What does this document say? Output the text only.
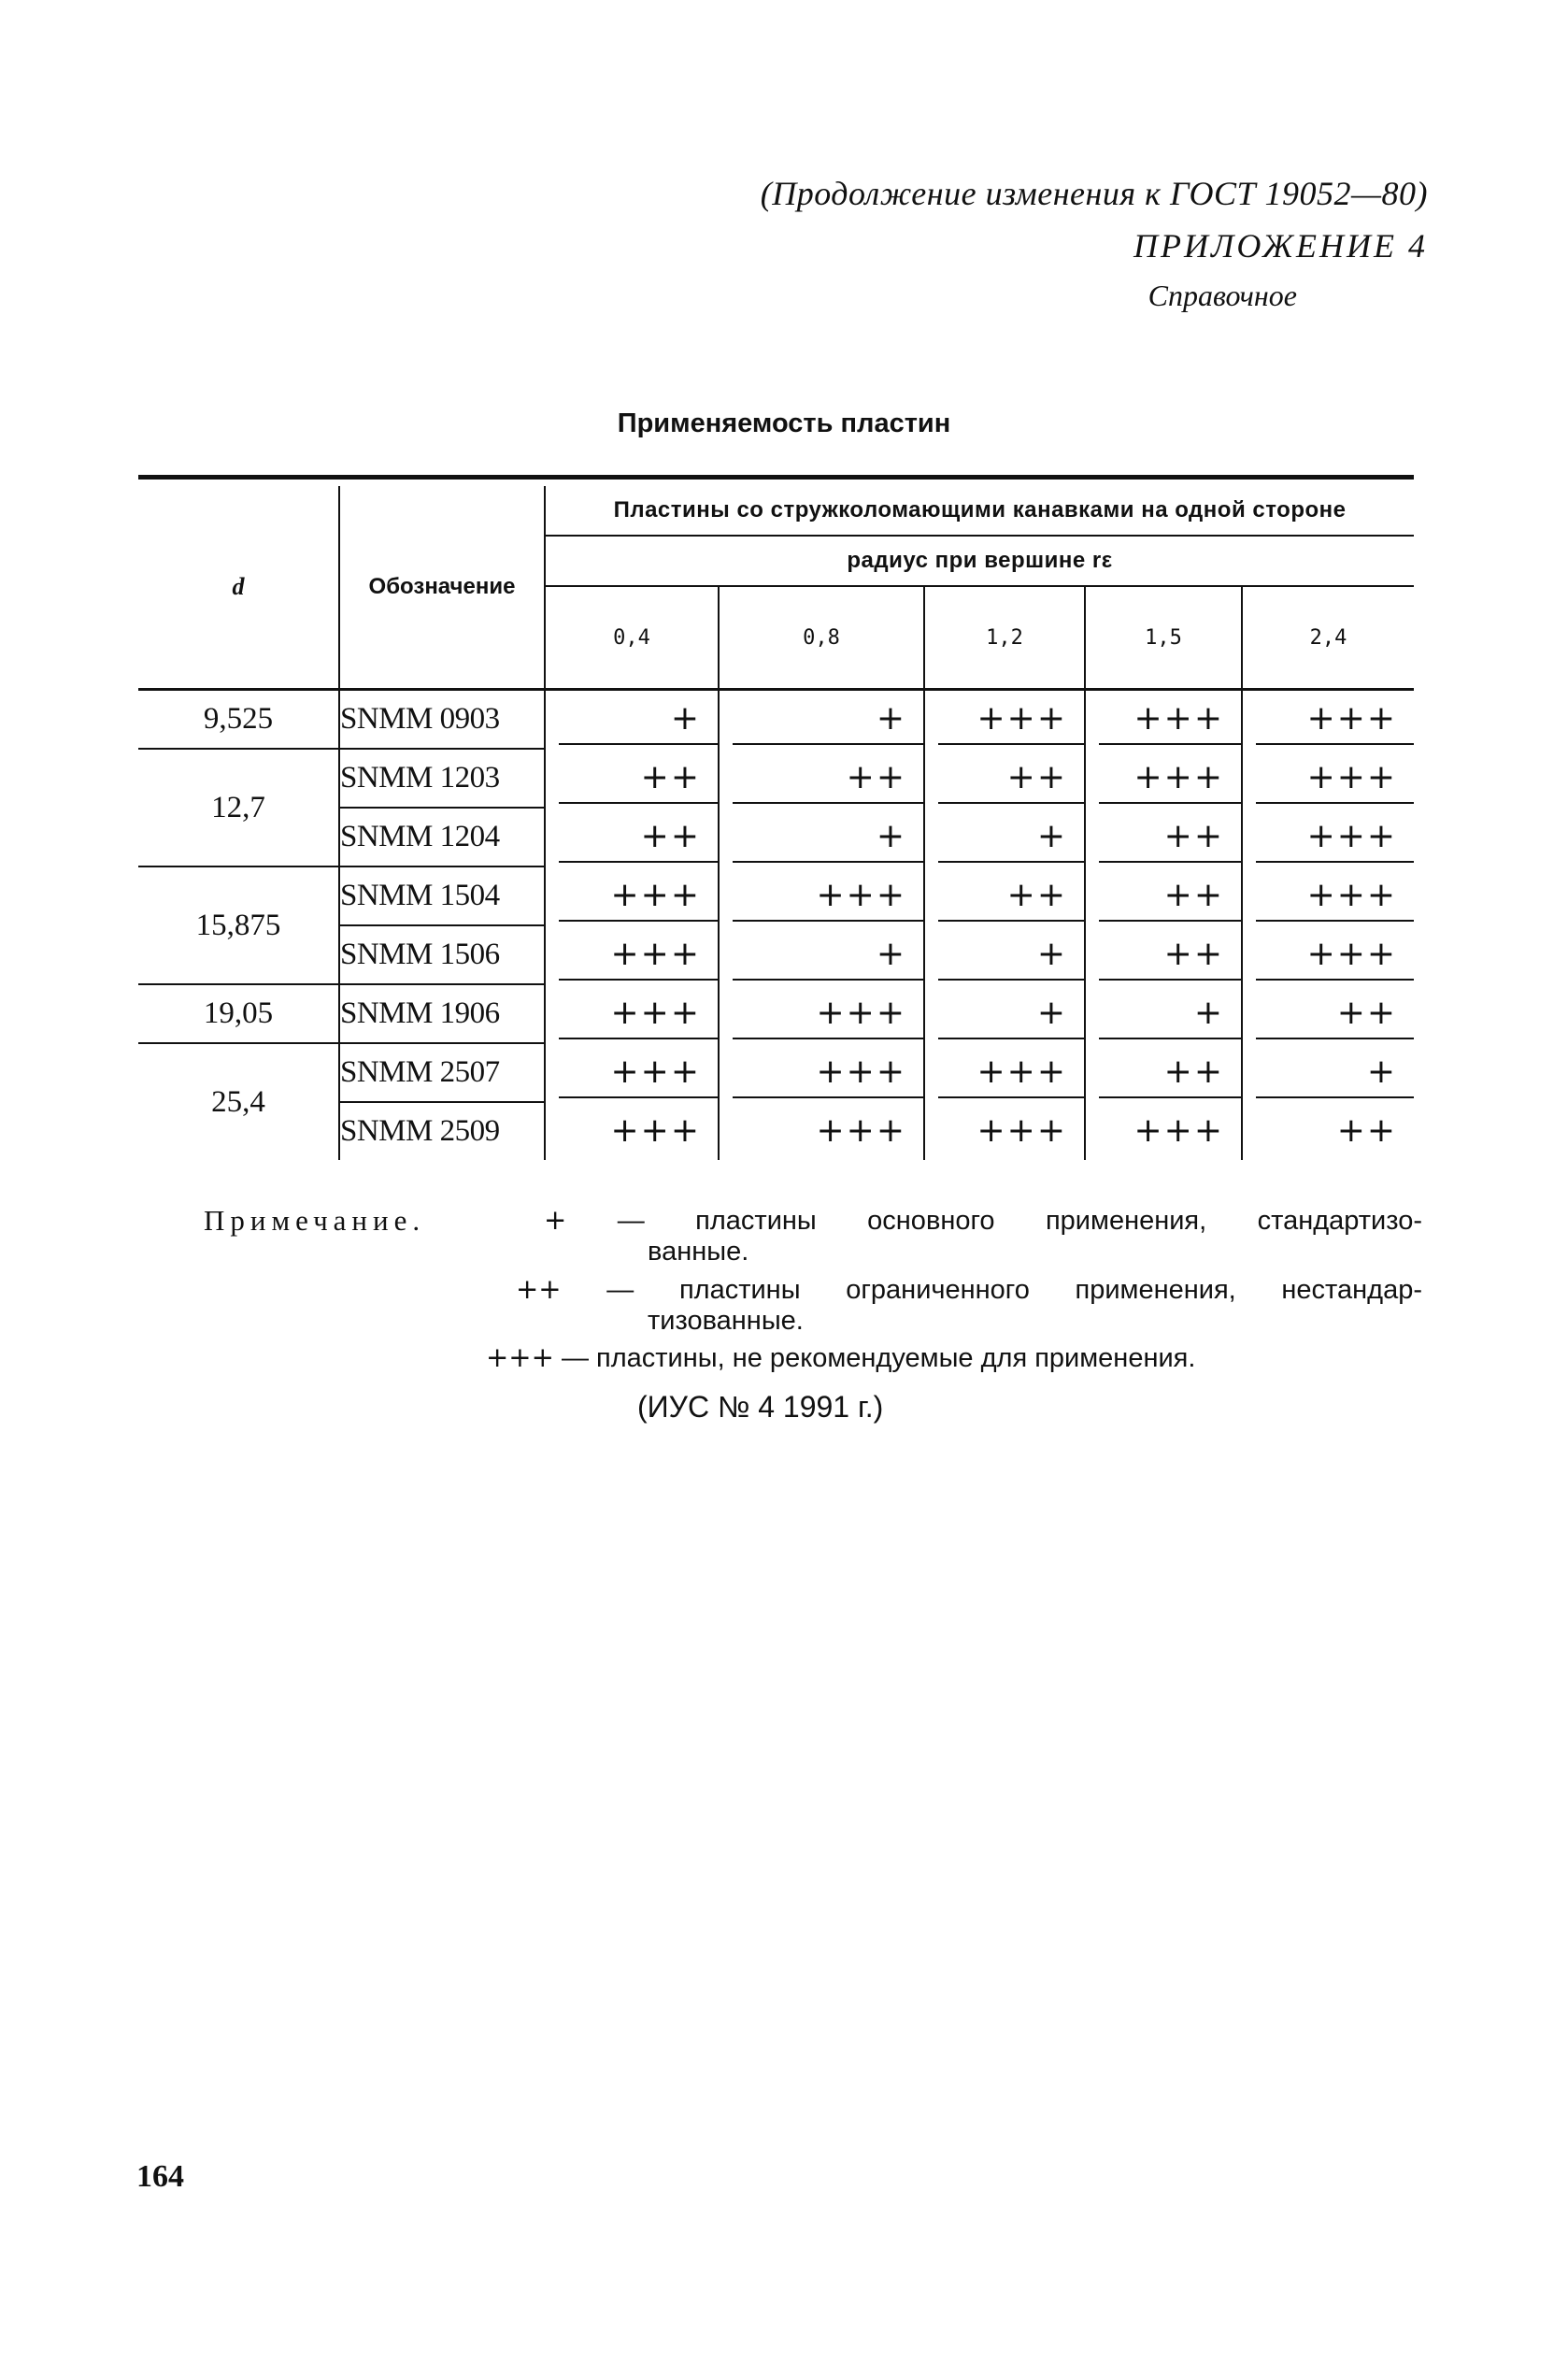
(Продолжение изменения к ГОСТ 19052—80)
ПРИЛОЖЕНИЕ 4
Справочное
Применяемость пластин
d	Обозначение	Пластины со стружколомающими канавками на одной стороне				
		радиус при вершине rε				
		0,4	0,8	1,2	1,5	2,4
9,525	SNMM 0903	+	+	+++	+++	+++

12,7	SNMM 1203	++	++	++	+++	+++

	SNMM 1204	++	+	+	++	+++

15,875	SNMM 1504	+++	+++	++	++	+++

	SNMM 1506	+++	+	+	++	+++

19,05	SNMM 1906	+++	+++	+	+	++

25,4	SNMM 2507	+++	+++	+++	++	+

	SNMM 2509	+++	+++	+++	+++	++
Примечание.	+ — пластины основного применения, стандартизо-
ванные.
++ — пластины ограниченного применения, нестандар-
тизованные.
+++ — пластины, не рекомендуемые для применения.
(ИУС № 4 1991 г.)
164
